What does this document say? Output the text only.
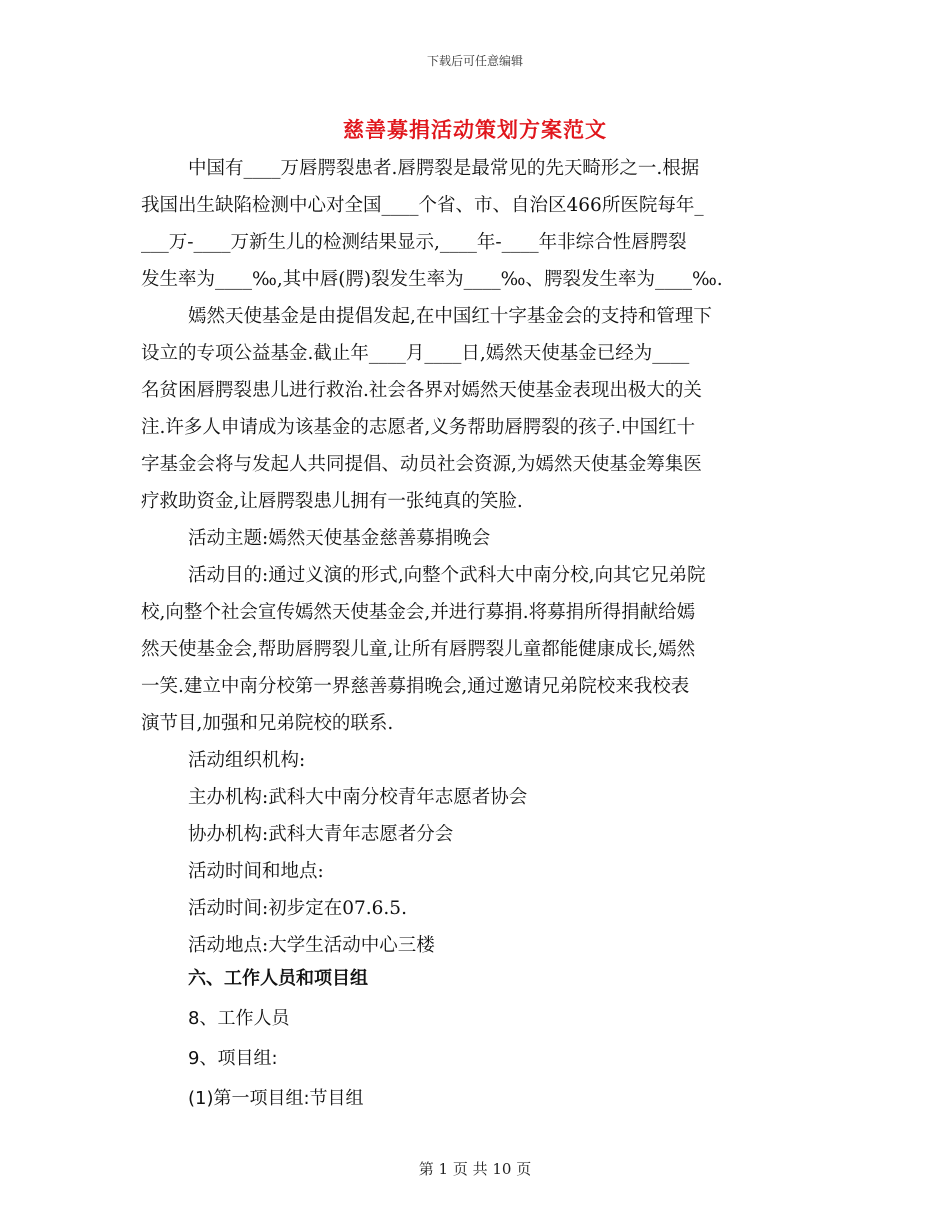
下载后可任意编辑
慈善募捐活动策划方案范文
中国有____万唇腭裂患者.唇腭裂是最常见的先天畸形之一.根据
我国出生缺陷检测中心对全国____个省、市、自治区466所医院每年_
___万-____万新生儿的检测结果显示,____年-____年非综合性唇腭裂
发生率为____‰,其中唇(腭)裂发生率为____‰、腭裂发生率为____‰.
嫣然天使基金是由提倡发起,在中国红十字基金会的支持和管理下
设立的专项公益基金.截止年____月____日,嫣然天使基金已经为____
名贫困唇腭裂患儿进行救治.社会各界对嫣然天使基金表现出极大的关
注.许多人申请成为该基金的志愿者,义务帮助唇腭裂的孩子.中国红十
字基金会将与发起人共同提倡、动员社会资源,为嫣然天使基金筹集医
疗救助资金,让唇腭裂患儿拥有一张纯真的笑脸.
活动主题:嫣然天使基金慈善募捐晚会
活动目的:通过义演的形式,向整个武科大中南分校,向其它兄弟院
校,向整个社会宣传嫣然天使基金会,并进行募捐.将募捐所得捐献给嫣
然天使基金会,帮助唇腭裂儿童,让所有唇腭裂儿童都能健康成长,嫣然
一笑.建立中南分校第一界慈善募捐晚会,通过邀请兄弟院校来我校表
演节目,加强和兄弟院校的联系.
活动组织机构:
主办机构:武科大中南分校青年志愿者协会
协办机构:武科大青年志愿者分会
活动时间和地点:
活动时间:初步定在07.6.5.
活动地点:大学生活动中心三楼
六、工作人员和项目组
8、工作人员
9、项目组:
(1)第一项目组:节目组
第 1 页 共 10 页
